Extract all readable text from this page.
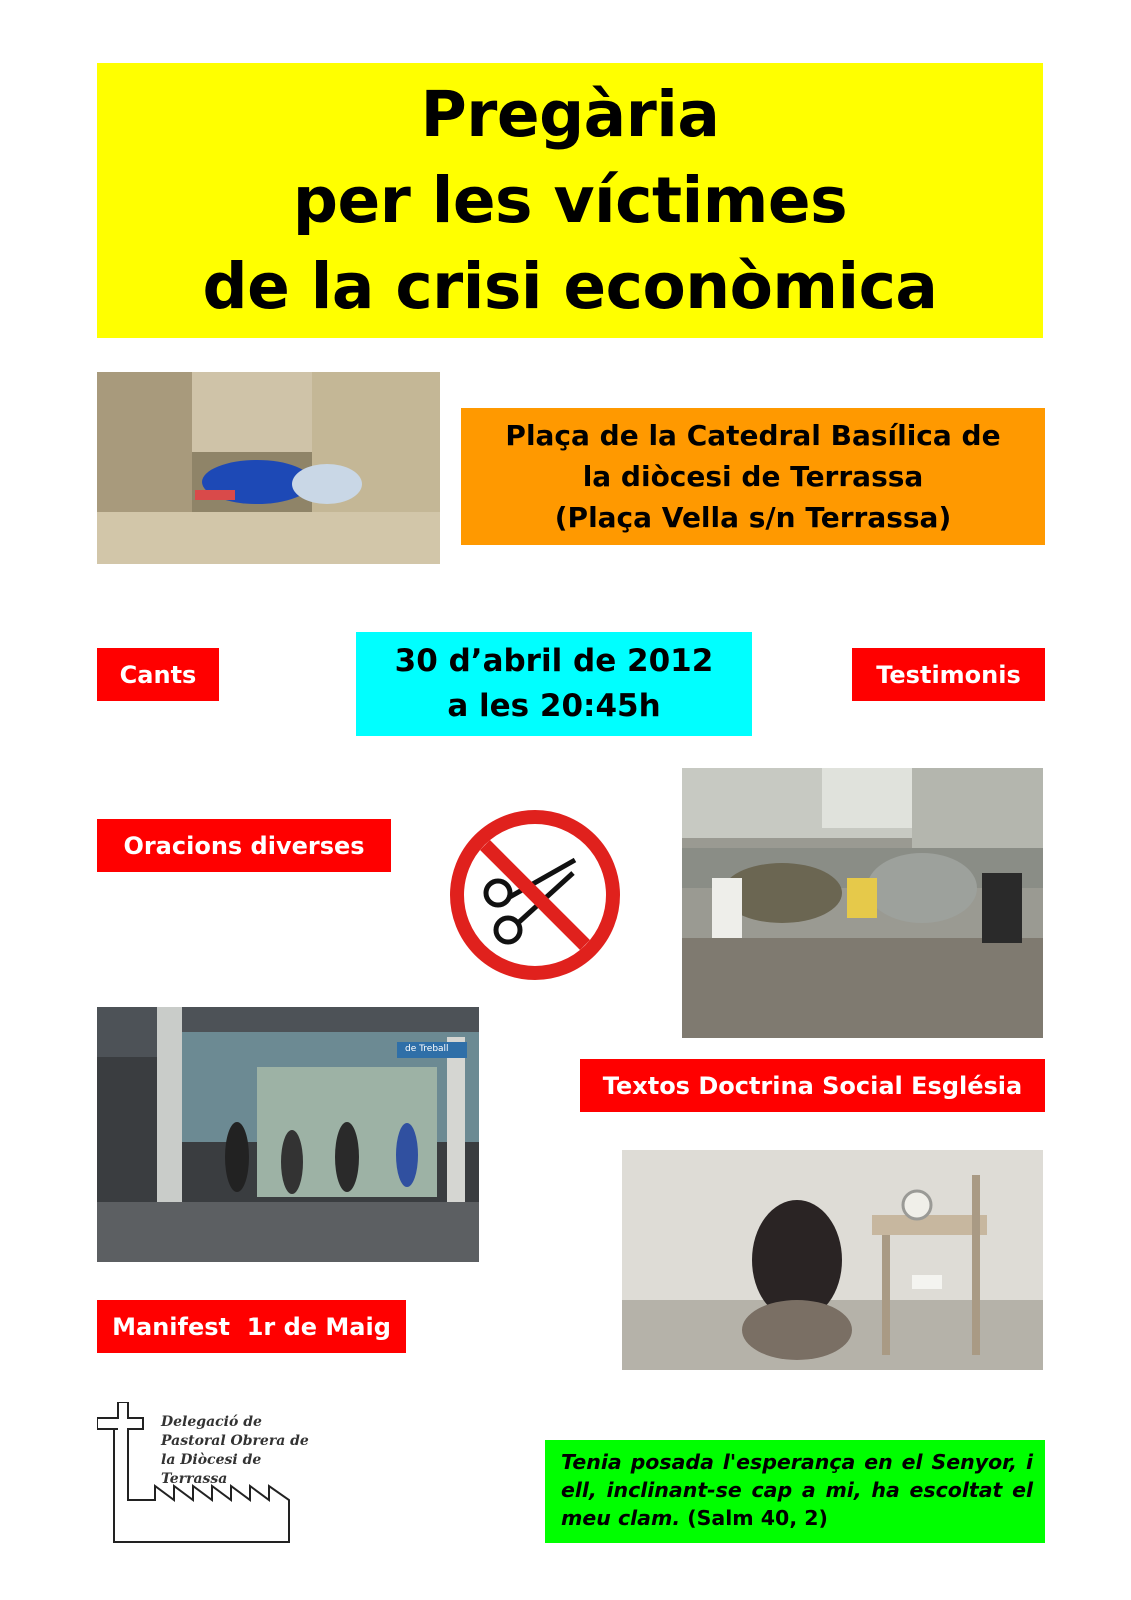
Pregària
per les víctimes
de la crisi econòmica
Plaça de la Catedral Basílica de
la diòcesi de Terrassa
(Plaça Vella s/n Terrassa)
Cants	30 d’abril de 2012
a les 20:45h
Testimonis
Oracions diverses
de Treball
Textos Doctrina Social Església
Manifest  1r de Maig
Delegació de
Pastoral Obrera de
la Diòcesi de
Terrassa
Tenia posada l'esperança en el Senyor, i ell, inclinant-se cap a mi, ha escoltat el meu clam. (Salm 40, 2)
